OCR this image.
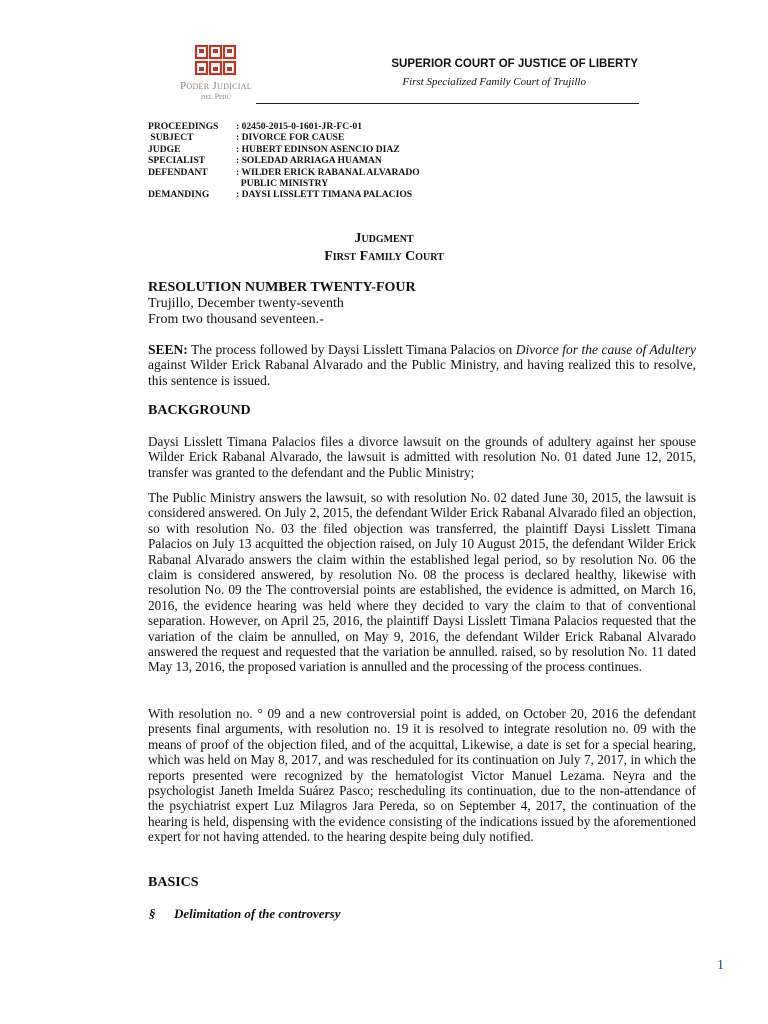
Poder Judicial
del Perú
SUPERIOR COURT OF JUSTICE OF LIBERTY
First Specialized Family Court of Trujillo
PROCEEDINGS	: 02450-2015-0-1601-JR-FC-01
SUBJECT	: DIVORCE FOR CAUSE
JUDGE	: HUBERT EDINSON ASENCIO DIAZ
SPECIALIST	: SOLEDAD ARRIAGA HUAMAN
DEFENDANT	: WILDER ERICK RABANAL ALVARADO
PUBLIC MINISTRY
DEMANDING	: DAYSI LISSLETT TIMANA PALACIOS
Judgment
First Family Court
RESOLUTION NUMBER TWENTY-FOUR
Trujillo, December twenty-seventh
From two thousand seventeen.-
SEEN: The process followed by Daysi Lisslett Timana Palacios on Divorce for the cause of Adultery against Wilder Erick Rabanal Alvarado and the Public Ministry, and having realized this to resolve, this sentence is issued.
BACKGROUND
Daysi Lisslett Timana Palacios files a divorce lawsuit on the grounds of adultery against her spouse Wilder Erick Rabanal Alvarado, the lawsuit is admitted with resolution No. 01 dated June 12, 2015, transfer was granted to the defendant and the Public Ministry;
The Public Ministry answers the lawsuit, so with resolution No. 02 dated June 30, 2015, the lawsuit is considered answered. On July 2, 2015, the defendant Wilder Erick Rabanal Alvarado filed an objection, so with resolution No. 03 the filed objection was transferred, the plaintiff Daysi Lisslett Timana Palacios on July 13 acquitted the objection raised, on July 10 August 2015, the defendant Wilder Erick Rabanal Alvarado answers the claim within the established legal period, so by resolution No. 06 the claim is considered answered, by resolution No. 08 the process is declared healthy, likewise with resolution No. 09 the The controversial points are established, the evidence is admitted, on March 16, 2016, the evidence hearing was held where they decided to vary the claim to that of conventional separation. However, on April 25, 2016, the plaintiff Daysi Lisslett Timana Palacios requested that the variation of the claim be annulled, on May 9, 2016, the defendant Wilder Erick Rabanal Alvarado answered the request and requested that the variation be annulled. raised, so by resolution No. 11 dated May 13, 2016, the proposed variation is annulled and the processing of the process continues.
With resolution no. ° 09 and a new controversial point is added, on October 20, 2016 the defendant presents final arguments, with resolution no. 19 it is resolved to integrate resolution no. 09 with the means of proof of the objection filed, and of the acquittal, Likewise, a date is set for a special hearing, which was held on May 8, 2017, and was rescheduled for its continuation on July 7, 2017, in which the reports presented were recognized by the hematologist Victor Manuel Lezama. Neyra and the psychologist Janeth Imelda Suárez Pasco; rescheduling its continuation, due to the non-attendance of the psychiatrist expert Luz Milagros Jara Pereda, so on September 4, 2017, the continuation of the hearing is held, dispensing with the evidence consisting of the indications issued by the aforementioned expert for not having attended. to the hearing despite being duly notified.
BASICS
§ Delimitation of the controversy
1
